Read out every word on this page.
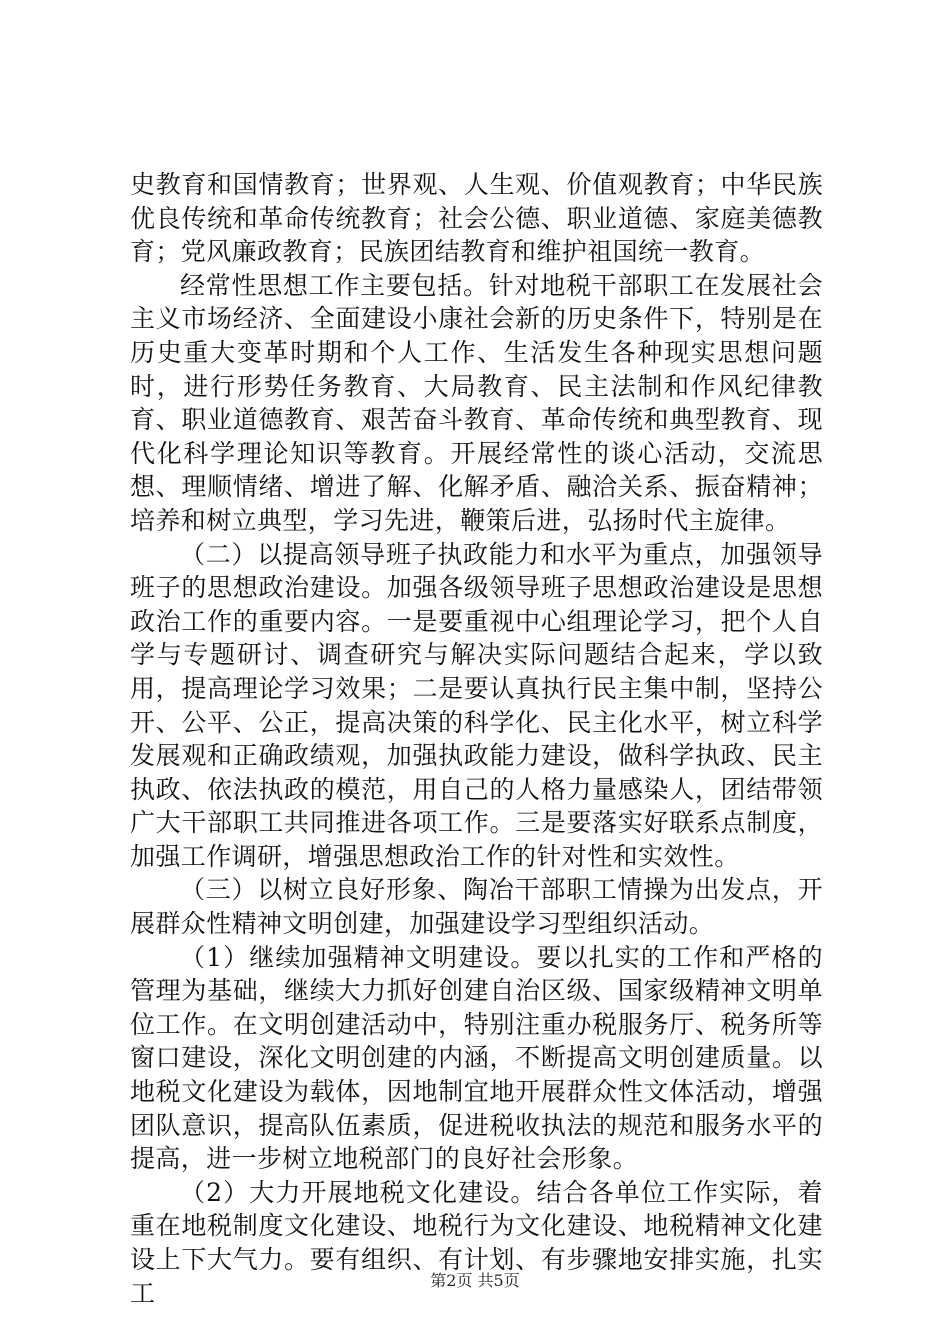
史教育和国情教育；世界观、人生观、价值观教育；中华民族优良传统和革命传统教育；社会公德、职业道德、家庭美德教育；党风廉政教育；民族团结教育和维护祖国统一教育。

经常性思想工作主要包括。针对地税干部职工在发展社会主义市场经济、全面建设小康社会新的历史条件下，特别是在历史重大变革时期和个人工作、生活发生各种现实思想问题时，进行形势任务教育、大局教育、民主法制和作风纪律教育、职业道德教育、艰苦奋斗教育、革命传统和典型教育、现代化科学理论知识等教育。开展经常性的谈心活动，交流思想、理顺情绪、增进了解、化解矛盾、融洽关系、振奋精神；培养和树立典型，学习先进，鞭策后进，弘扬时代主旋律。

（二）以提高领导班子执政能力和水平为重点，加强领导班子的思想政治建设。加强各级领导班子思想政治建设是思想政治工作的重要内容。一是要重视中心组理论学习，把个人自学与专题研讨、调查研究与解决实际问题结合起来，学以致用，提高理论学习效果；二是要认真执行民主集中制，坚持公开、公平、公正，提高决策的科学化、民主化水平，树立科学发展观和正确政绩观，加强执政能力建设，做科学执政、民主执政、依法执政的模范，用自己的人格力量感染人，团结带领广大干部职工共同推进各项工作。三是要落实好联系点制度，加强工作调研，增强思想政治工作的针对性和实效性。

（三）以树立良好形象、陶冶干部职工情操为出发点，开展群众性精神文明创建，加强建设学习型组织活动。

（1）继续加强精神文明建设。要以扎实的工作和严格的管理为基础，继续大力抓好创建自治区级、国家级精神文明单位工作。在文明创建活动中，特别注重办税服务厅、税务所等窗口建设，深化文明创建的内涵，不断提高文明创建质量。以地税文化建设为载体，因地制宜地开展群众性文体活动，增强团队意识，提高队伍素质，促进税收执法的规范和服务水平的提高，进一步树立地税部门的良好社会形象。

（2）大力开展地税文化建设。结合各单位工作实际，着重在地税制度文化建设、地税行为文化建设、地税精神文化建设上下大气力。要有组织、有计划、有步骤地安排实施，扎实工	第2页 共5页
